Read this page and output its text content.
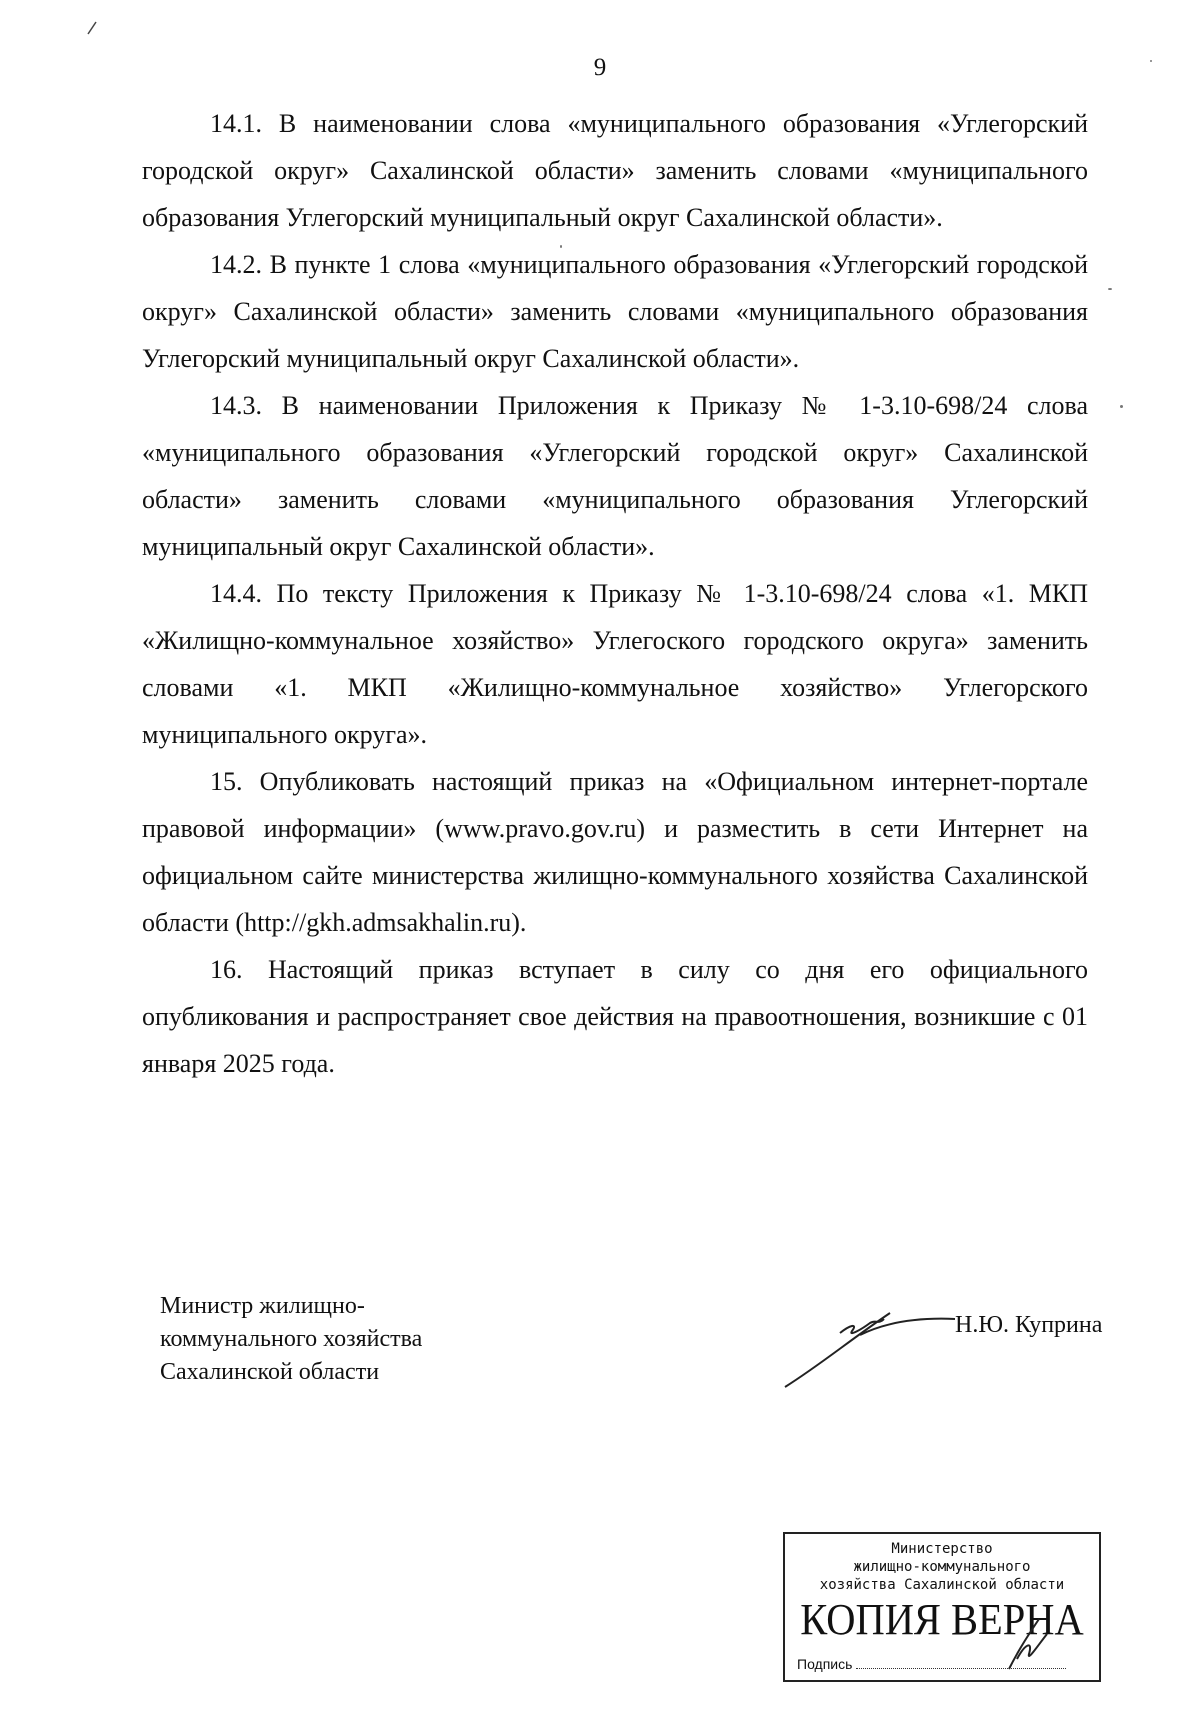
9

14.1. В наименовании слова «муниципального образования «Углегорский городской округ» Сахалинской области» заменить словами «муниципального образования Углегорский муниципальный округ Сахалинской области».

14.2. В пункте 1 слова «муниципального образования «Углегорский городской округ» Сахалинской области» заменить словами «муниципального образования Углегорский муниципальный округ Сахалинской области».

14.3. В наименовании Приложения к Приказу № 1-3.10-698/24 слова «муниципального образования «Углегорский городской округ» Сахалинской области» заменить словами «муниципального образования Углегорский муниципальный округ Сахалинской области».

14.4. По тексту Приложения к Приказу № 1-3.10-698/24 слова «1. МКП «Жилищно-коммунальное хозяйство» Углегоского городского округа» заменить словами «1. МКП «Жилищно-коммунальное хозяйство» Углегорского муниципального округа».

15. Опубликовать настоящий приказ на «Официальном интернет-портале правовой информации» (www.pravo.gov.ru) и разместить в сети Интернет на официальном сайте министерства жилищно-коммунального хозяйства Сахалинской области (http://gkh.admsakhalin.ru).

16. Настоящий приказ вступает в силу со дня его официального опубликования и распространяет свое действия на правоотношения, возникшие с 01 января 2025 года.

Министр жилищно-
коммунального хозяйства
Сахалинской области
Н.Ю. Куприна
Министерство
жилищно-коммунального
хозяйства Сахалинской области
КОПИЯ ВЕРНА
Подпись
